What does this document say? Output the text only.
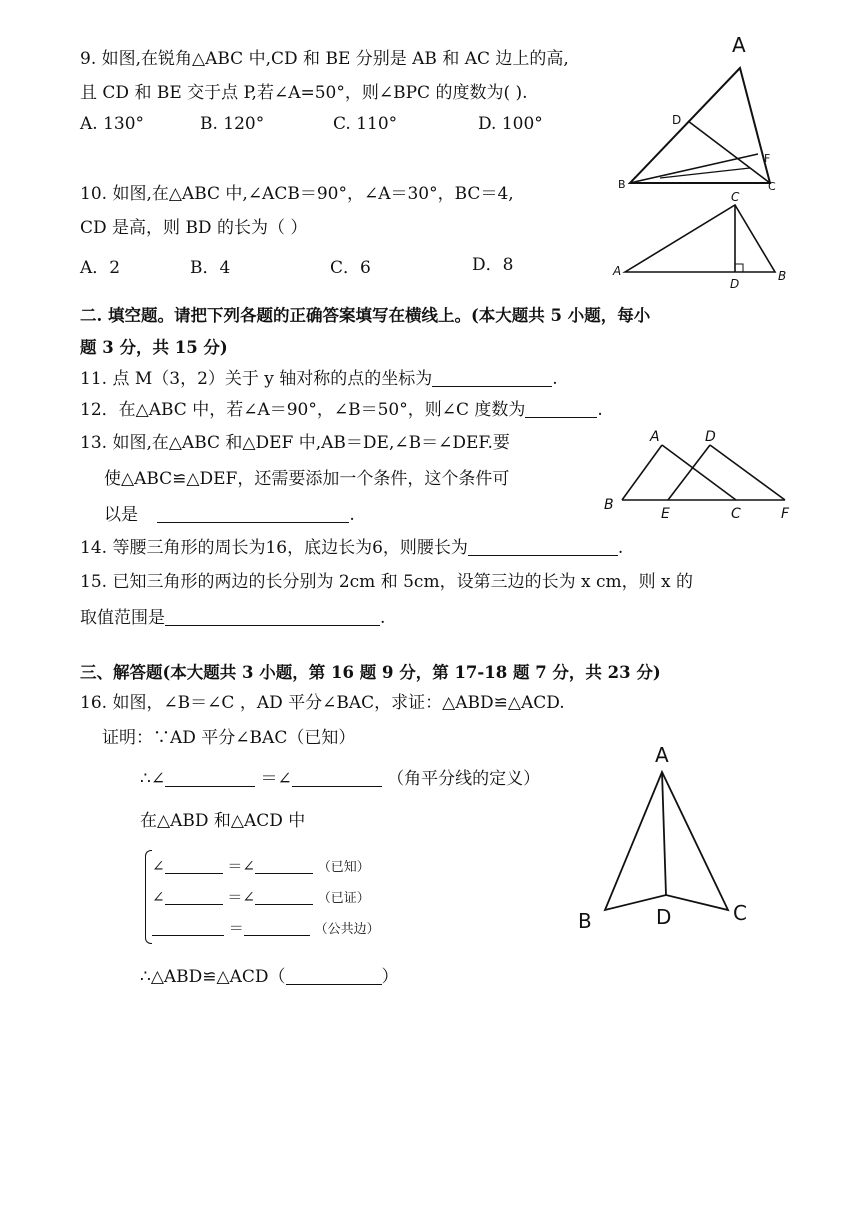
9. 如图,在锐角△ABC 中,CD 和 BE 分别是 AB 和 AC 边上的高,
且 CD 和 BE 交于点 P,若∠A=50°，则∠BPC 的度数为( ).
A. 130°	B. 120°	C. 110°	D. 100°
A
B	C
D
F
10. 如图,在△ABC 中,∠ACB＝90°，∠A＝30°，BC＝4,
CD 是高，则 BD 的长为（ ）
A．2	B．4	C．6	D．8	A
C
D
B
二. 填空题。请把下列各题的正确答案填写在横线上。(本大题共 5 小题，每小
题 3 分，共 15 分)
11. 点 M（3，2）关于 y 轴对称的点的坐标为	.
12．在△ABC 中，若∠A＝90°，∠B＝50°，则∠C 度数为	.
13. 如图,在△ABC 和△DEF 中,AB＝DE,∠B＝∠DEF.要
使△ABC≌△DEF，还需要添加一个条件，这个条件可
以是	.
A	D
B
E	C	F
14. 等腰三角形的周长为16，底边长为6，则腰长为	.
15. 已知三角形的两边的长分别为 2cm 和 5cm，设第三边的长为 x cm，则 x 的
取值范围是	.
三、解答题(本大题共 3 小题，第 16 题 9 分，第 17-18 题 7 分，共 23 分)
16. 如图，∠B＝∠C ，AD 平分∠BAC，求证：△ABD≌△ACD.
证明：∵AD 平分∠BAC（已知）
∴∠	＝∠	（角平分线的定义）
在△ABD 和△ACD 中
∠	＝∠	（已知）
∠	＝∠	（已证）
＝	（公共边）
∴△ABD≌△ACD（	）
A
B	D	C
